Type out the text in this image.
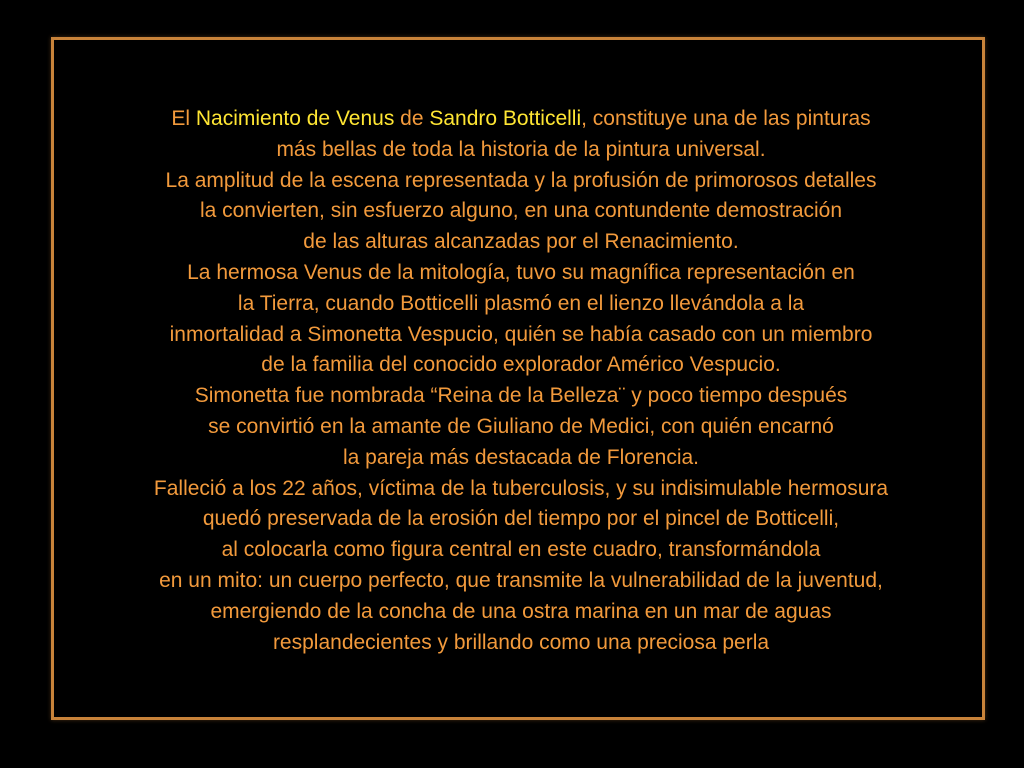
El Nacimiento de Venus de Sandro Botticelli, constituye una de las pinturas
más bellas de toda la historia de la pintura universal.
La amplitud de la escena representada y la profusión de primorosos detalles
la convierten, sin esfuerzo alguno, en una contundente demostración
de las alturas alcanzadas por el Renacimiento.
La hermosa Venus de la mitología, tuvo su magnífica representación en
la Tierra, cuando Botticelli plasmó en el lienzo llevándola a la
inmortalidad a Simonetta Vespucio, quién se había casado con un miembro
de la familia del conocido explorador Américo Vespucio.
Simonetta fue nombrada “Reina de la Belleza¨ y poco tiempo después
se convirtió en la amante de Giuliano de Medici, con quién encarnó
la pareja más destacada de Florencia.
Falleció a los 22 años, víctima de la tuberculosis, y su indisimulable hermosura
quedó preservada de la erosión del tiempo por el pincel de Botticelli,
al colocarla como figura central en este cuadro, transformándola
en un mito: un cuerpo perfecto, que transmite la vulnerabilidad de la juventud,
emergiendo de la concha de una ostra marina en un mar de aguas
resplandecientes y brillando como una preciosa perla
